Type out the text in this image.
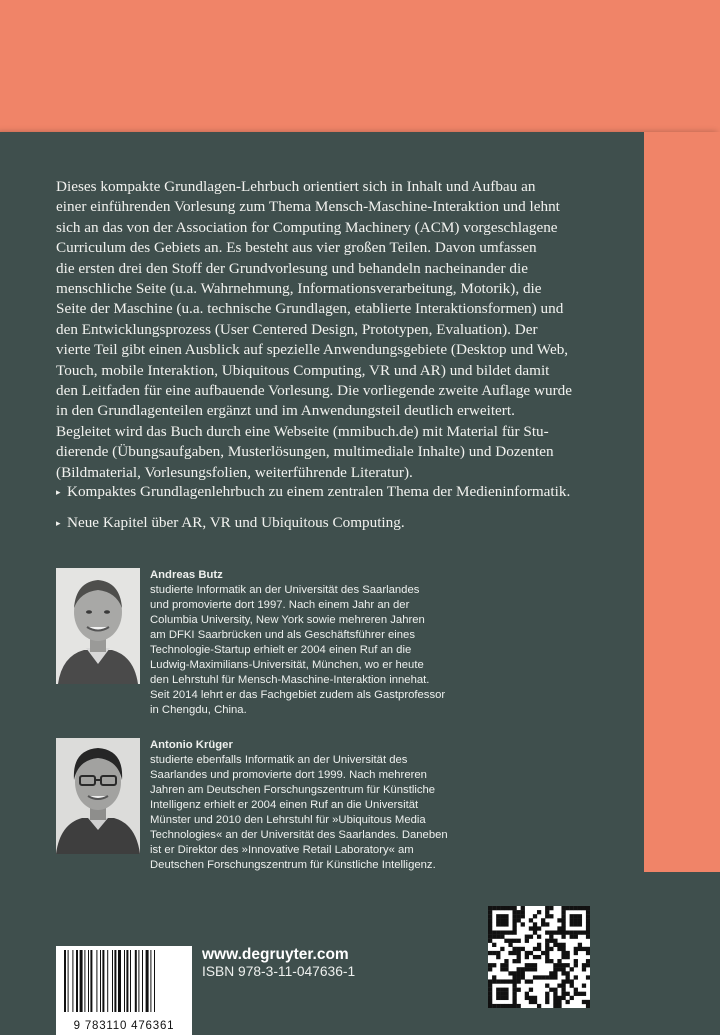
Dieses kompakte Grundlagen-Lehrbuch orientiert sich in Inhalt und Aufbau an
einer einführenden Vorlesung zum Thema Mensch-Maschine-Interaktion und lehnt
sich an das von der Association for Computing Machinery (ACM) vorgeschlagene
Curriculum des Gebiets an. Es besteht aus vier großen Teilen. Davon umfassen
die ersten drei den Stoff der Grundvorlesung und behandeln nacheinander die
menschliche Seite (u.a. Wahrnehmung, Informationsverarbeitung, Motorik), die
Seite der Maschine (u.a. technische Grundlagen, etablierte Interaktionsformen) und
den Entwicklungsprozess (User Centered Design, Prototypen, Evaluation). Der
vierte Teil gibt einen Ausblick auf spezielle Anwendungsgebiete (Desktop und Web,
Touch, mobile Interaktion, Ubiquitous Computing, VR und AR) und bildet damit
den Leitfaden für eine aufbauende Vorlesung. Die vorliegende zweite Auflage wurde
in den Grundlagenteilen ergänzt und im Anwendungsteil deutlich erweitert.
Begleitet wird das Buch durch eine Webseite (mmibuch.de) mit Material für Stu-
dierende (Übungsaufgaben, Musterlösungen, multimediale Inhalte) und Dozenten
(Bildmaterial, Vorlesungsfolien, weiterführende Literatur).

▸ Kompaktes Grundlagenlehrbuch zu einem zentralen Thema der Medieninformatik.
▸ Neue Kapitel über AR, VR und Ubiquitous Computing.
Andreas Butz
studierte Informatik an der Universität des Saarlandes
und promovierte dort 1997. Nach einem Jahr an der
Columbia University, New York sowie mehreren Jahren
am DFKI Saarbrücken und als Geschäftsführer eines
Technologie-Startup erhielt er 2004 einen Ruf an die
Ludwig-Maximilians-Universität, München, wo er heute
den Lehrstuhl für Mensch-Maschine-Interaktion innehat.
Seit 2014 lehrt er das Fachgebiet zudem als Gastprofessor
in Chengdu, China.
Antonio Krüger
studierte ebenfalls Informatik an der Universität des
Saarlandes und promovierte dort 1999. Nach mehreren
Jahren am Deutschen Forschungszentrum für Künstliche
Intelligenz erhielt er 2004 einen Ruf an die Universität
Münster und 2010 den Lehrstuhl für »Ubiquitous Media
Technologies« an der Universität des Saarlandes. Daneben
ist er Direktor des »Innovative Retail Laboratory« am
Deutschen Forschungszentrum für Künstliche Intelligenz.
www.degruyter.com
ISBN 978-3-11-047636-1
9 783110 476361
